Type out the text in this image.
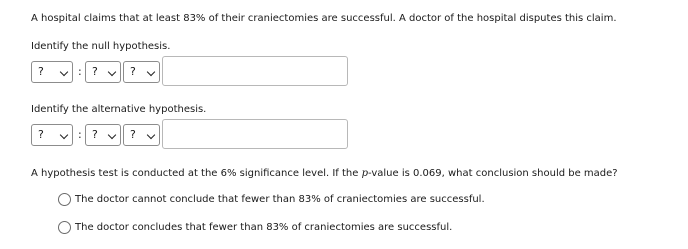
A hospital claims that at least 83% of their craniectomies are successful. A doctor of the hospital disputes this claim.
Identify the null hypothesis.
?	: ?	?
Identify the alternative hypothesis.
?	: ?	?
A hypothesis test is conducted at the 6% significance level. If the p-value is 0.069, what conclusion should be made?
The doctor cannot conclude that fewer than 83% of craniectomies are successful.
The doctor concludes that fewer than 83% of craniectomies are successful.
